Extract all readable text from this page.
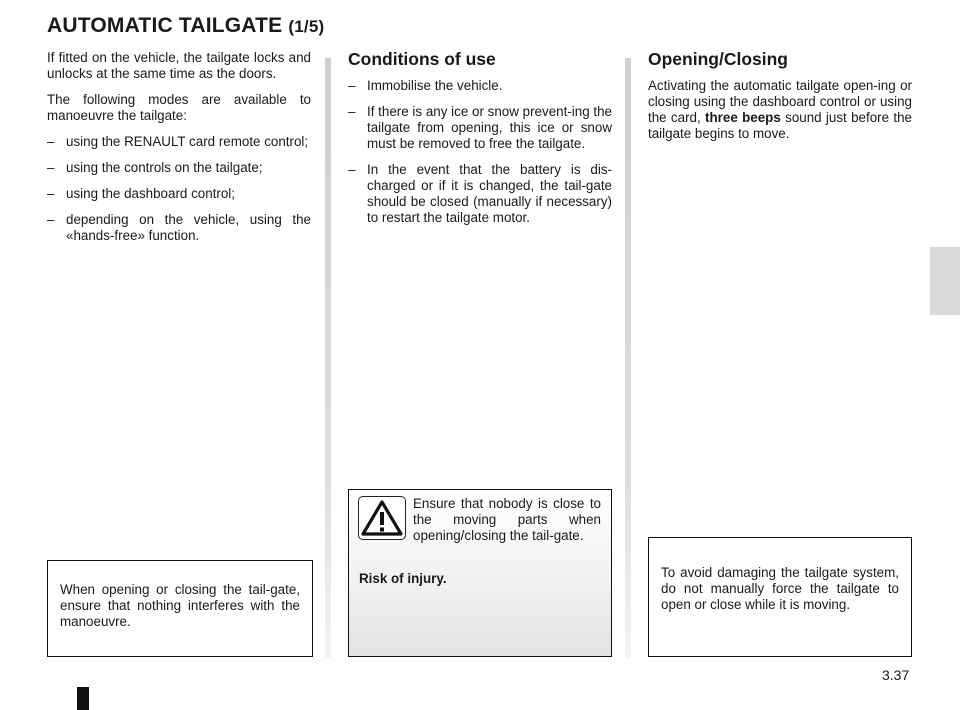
AUTOMATIC TAILGATE (1/5)

If fitted on the vehicle, the tailgate locks and unlocks at the same time as the doors.

The following modes are available to manoeuvre the tailgate:

– using the RENAULT card remote control;
– using the controls on the tailgate;
– using the dashboard control;
– depending on the vehicle, using the «hands-free» function.
Conditions of use
– Immobilise the vehicle.
– If there is any ice or snow prevent-ing the tailgate from opening, this ice or snow must be removed to free the tailgate.
– In the event that the battery is dis-charged or if it is changed, the tail-gate should be closed (manually if necessary) to restart the tailgate motor.
Opening/Closing

Activating the automatic tailgate open-ing or closing using the dashboard control or using the card, three beeps sound just before the tailgate begins to move.

When opening or closing the tail-gate, ensure that nothing interferes with the manoeuvre.

Ensure that nobody is close to the moving parts when opening/closing the tail-gate.

Risk of injury.	To avoid damaging the tailgate system, do not manually force the tailgate to open or close while it is moving.

3.37
